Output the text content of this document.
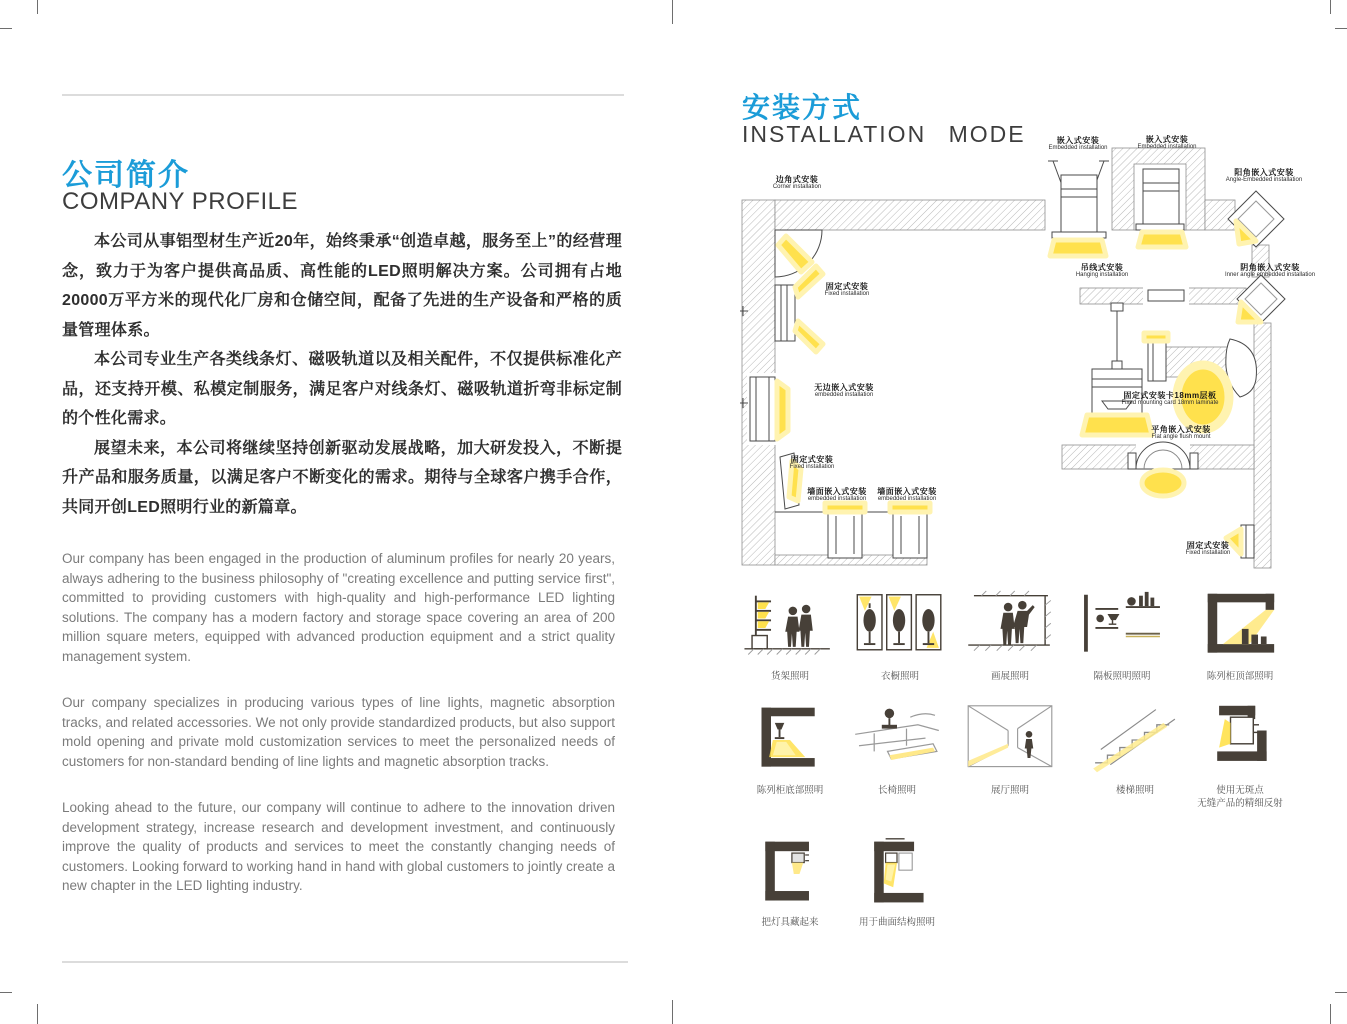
公司简介
COMPANY PROFILE

本公司从事铝型材生产近20年，始终秉承“创造卓越，服务至上”的经营理念，致力于为客户提供高品质、高性能的LED照明解决方案。公司拥有占地20000万平方米的现代化厂房和仓储空间，配备了先进的生产设备和严格的质量管理体系。

本公司专业生产各类线条灯、磁吸轨道以及相关配件，不仅提供标准化产品，还支持开模、私模定制服务，满足客户对线条灯、磁吸轨道折弯非标定制的个性化需求。

展望未来，本公司将继续坚持创新驱动发展战略，加大研发投入，不断提升产品和服务质量，以满足客户不断变化的需求。期待与全球客户携手合作，共同开创LED照明行业的新篇章。

Our company has been engaged in the production of aluminum profiles for nearly 20 years, always adhering to the business philosophy of "creating excellence and putting service first", committed to providing customers with high-quality and high-performance LED lighting solutions. The company has a modern factory and storage space covering an area of 200 million square meters, equipped with advanced production equipment and a strict quality management system.

Our company specializes in producing various types of line lights, magnetic absorption tracks, and related accessories. We not only provide standardized products, but also support mold opening and private mold customization services to meet the personalized needs of customers for non-standard bending of line lights and magnetic absorption tracks.

Looking ahead to the future, our company will continue to adhere to the innovation driven development strategy, increase research and development investment, and continuously improve the quality of products and services to meet the constantly changing needs of customers. Looking forward to working hand in hand with global customers to jointly create a new chapter in the LED lighting industry.

安装方式
INSTALLATION MODE
边角式安装
Corner installation
嵌入式安装
Embedded installation
嵌入式安装
Embedded installation
阳角嵌入式安装
Angle-Embedded installation
固定式安装
Fixed installation
吊线式安装
Hanging installation
阴角嵌入式安装
Inner angle embedded installation
无边嵌入式安装
embedded installation	固定式安装卡18mm层板
Fixed mounting card 18mm laminate
平角嵌入式安装
Flat angle flush mount
固定式安装
Fixed installation
墙面嵌入式安装
embedded installation
墙面嵌入式安装
embedded installation
固定式安装
Fixed installation
货架照明	衣橱照明	画展照明	隔板照明照明	陈列柜顶部照明
陈列柜底部照明	长椅照明	展厅照明	楼梯照明	使用无斑点
无缝产品的精细反射
把灯具藏起来	用于曲面结构照明
